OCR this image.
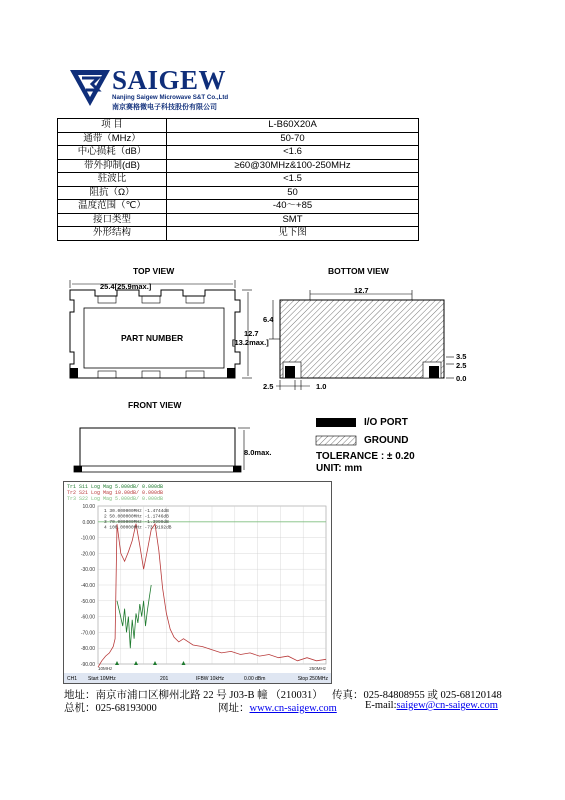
SAIGEW
Nanjing Saigew Microwave S&T Co.,Ltd
南京赛格微电子科技股份有限公司
项 目	L-B60X20A
通带（MHz）	50-70
中心损耗（dB）	<1.6
带外抑制(dB)	≥60@30MHz&100-250MHz
驻波比	<1.5
阻抗（Ω）	50
温度范围（℃）	-40～+85
接口类型	SMT
外形结构	见下图
TOP VIEW	BOTTOM VIEW
25.4[25.9max.]
PART NUMBER	12.7
[13.2max.]
12.7
6.4
3.5
2.5
0.0
2.5	1.0
FRONT VIEW
8.0max.
I/O PORT
GROUND
TOLERANCE : ± 0.20
UNIT: mm
Tr1 S11 Log Mag 5.000dB/ 0.000dB
Tr2 S21 Log Mag 10.00dB/ 0.000dB
Tr3 S22 Log Mag 5.000dB/ 0.000dB
10.00
0.000
-10.00
-20.00
-30.00
-40.00
-50.00
-60.00
-70.00
-80.00
-90.00
1 30.000000MHz -1.4744dB
2 50.000000MHz -1.1746dB
3 70.000000MHz -1.3999dB
4 100.00000MHz -73.9192dB
10MHz	250MHz
CH1 Start 10MHz	201	IFBW 10kHz	0.00 dBm	Stop 250MHz
地址：南京市浦口区柳州北路 22 号 J03-B 幢 （210031） 传真：025-84808955 或 025-68120148
总机：025-68193000	网址：www.cn-saigew.com	E-mail:saigew@cn-saigew.com
